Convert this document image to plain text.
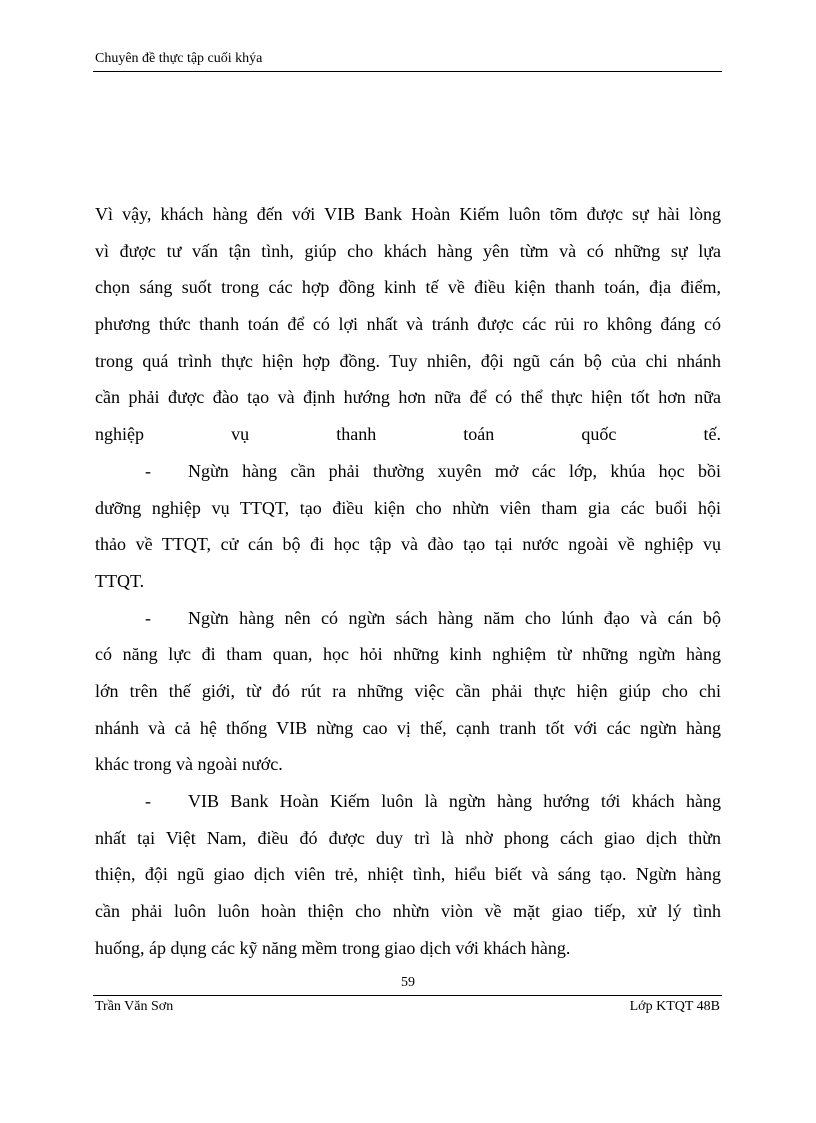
Chuyên đề thực tập cuối khýa
Vì vậy, khách hàng đến với VIB Bank Hoàn Kiếm luôn tõm được sự hài lòng
vì được tư vấn tận tình, giúp cho khách hàng yên từm và có những sự lựa
chọn sáng suốt trong các hợp đồng kinh tế về điều kiện thanh toán, địa điểm,
phương thức thanh toán để có lợi nhất và tránh được các rủi ro không đáng có
trong quá trình thực hiện hợp đồng. Tuy nhiên, đội ngũ cán bộ của chi nhánh
cần phải được đào tạo và định hướng hơn nữa để có thể thực hiện tốt hơn nữa
nghiệp vụ thanh toán quốc tế.
- Ngừn hàng cần phải thường xuyên mở các lớp, khúa học bồi
dưỡng nghiệp vụ TTQT, tạo điều kiện cho nhừn viên tham gia các buổi hội
thảo về TTQT, cử cán bộ đi học tập và đào tạo tại nước ngoài về nghiệp vụ
TTQT.
- Ngừn hàng nên có ngừn sách hàng năm cho lúnh đạo và cán bộ
có năng lực đi tham quan, học hỏi những kinh nghiệm từ những ngừn hàng
lớn trên thế giới, từ đó rút ra những việc cần phải thực hiện giúp cho chi
nhánh và cả hệ thống VIB nừng cao vị thế, cạnh tranh tốt với các ngừn hàng
khác trong và ngoài nước.
- VIB Bank Hoàn Kiếm luôn là ngừn hàng hướng tới khách hàng
nhất tại Việt Nam, điều đó được duy trì là nhờ phong cách giao dịch thừn
thiện, đội ngũ giao dịch viên trẻ, nhiệt tình, hiểu biết và sáng tạo. Ngừn hàng
cần phải luôn luôn hoàn thiện cho nhừn viòn về mặt giao tiếp, xử lý tình
huống, áp dụng các kỹ năng mềm trong giao dịch với khách hàng.
59
Trần Văn Sơn	Lớp KTQT 48B
